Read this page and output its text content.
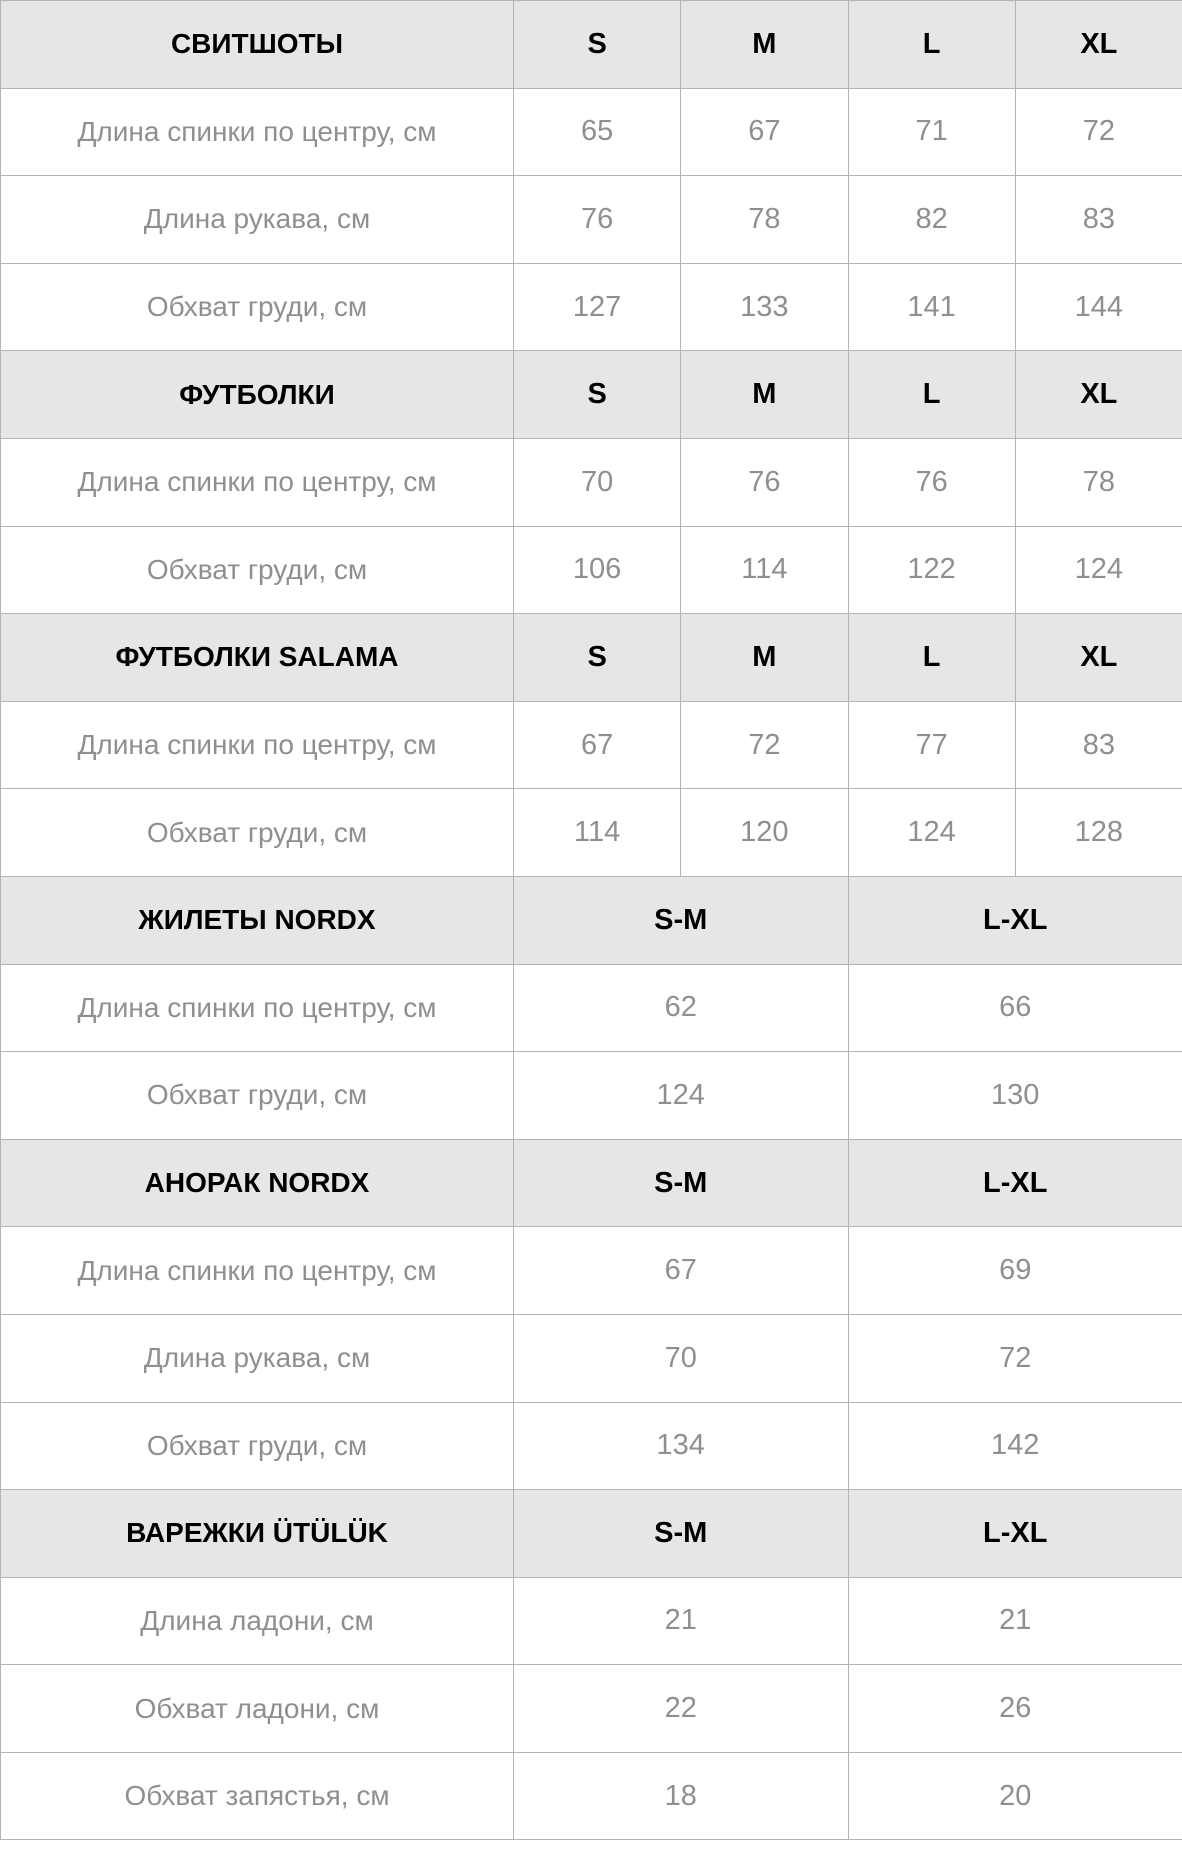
СВИТШОТЫ	S	M	L	XL
Длина спинки по центру, см	65	67	71	72
Длина рукава, см	76	78	82	83
Обхват груди, см	127	133	141	144
ФУТБОЛКИ	S	M	L	XL
Длина спинки по центру, см	70	76	76	78
Обхват груди, см	106	114	122	124
ФУТБОЛКИ SALAMA	S	M	L	XL
Длина спинки по центру, см	67	72	77	83
Обхват груди, см	114	120	124	128
ЖИЛЕТЫ NORDX	S-M		L-XL	
Длина спинки по центру, см	62		66	
Обхват груди, см	124		130	
АНОРАК NORDX	S-M		L-XL	
Длина спинки по центру, см	67		69	
Длина рукава, см	70		72	
Обхват груди, см	134		142	
ВАРЕЖКИ ÜTÜLÜK	S-M		L-XL	
Длина ладони, см	21		21	
Обхват ладони, см	22		26	
Обхват запястья, см	18		20	
